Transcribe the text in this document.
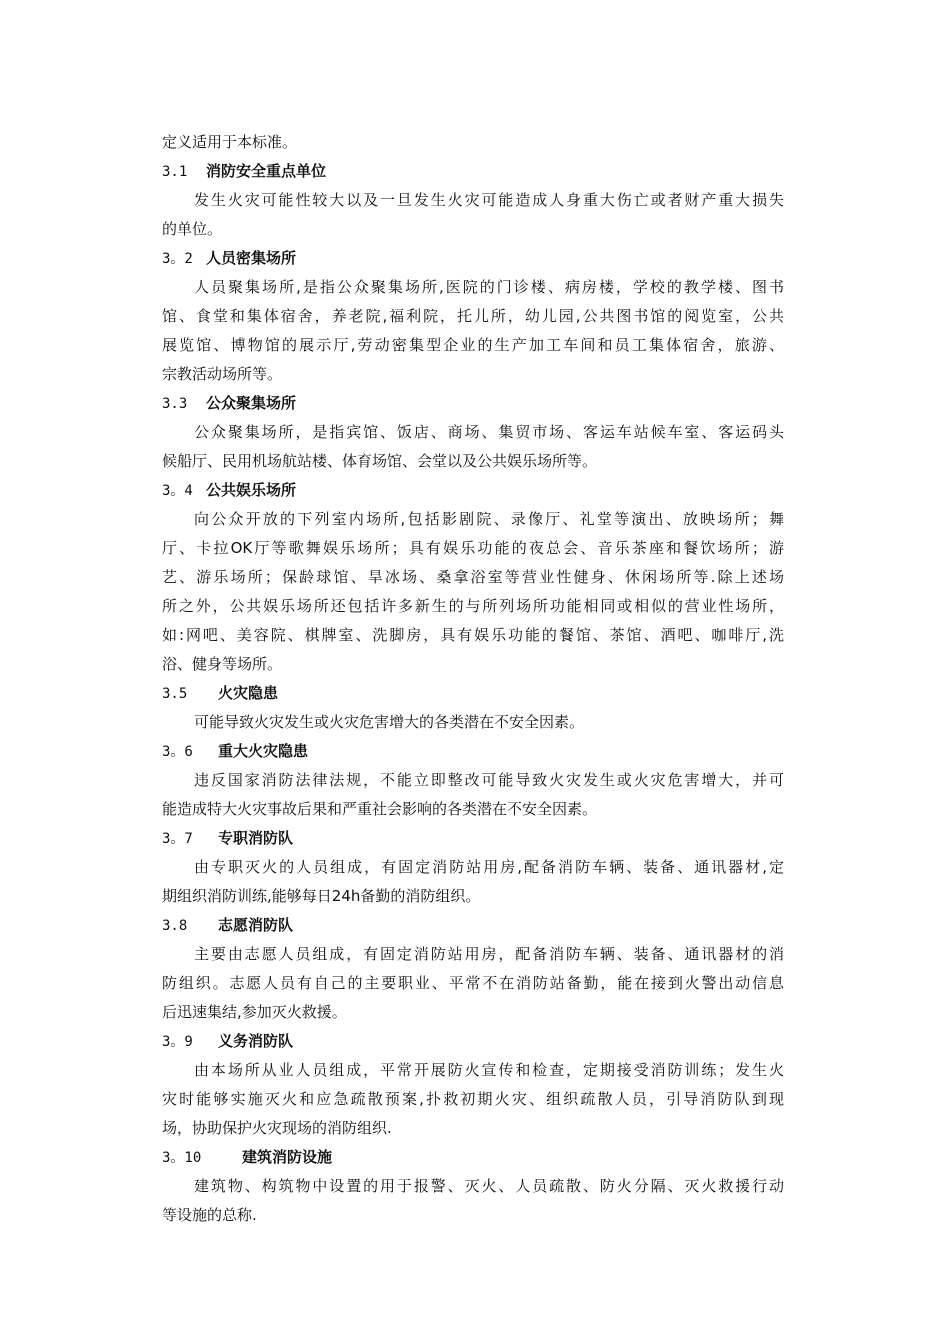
定义适用于本标准。
3.1 消防安全重点单位
发生火灾可能性较大以及一旦发生火灾可能造成人身重大伤亡或者财产重大损失
的单位。
3。2 人员密集场所
人员聚集场所,是指公众聚集场所,医院的门诊楼、病房楼，学校的教学楼、图书
馆、食堂和集体宿舍，养老院,福利院，托儿所，幼儿园,公共图书馆的阅览室，公共
展览馆、博物馆的展示厅,劳动密集型企业的生产加工车间和员工集体宿舍，旅游、
宗教活动场所等。
3.3 公众聚集场所
公众聚集场所，是指宾馆、饭店、商场、集贸市场、客运车站候车室、客运码头
候船厅、民用机场航站楼、体育场馆、会堂以及公共娱乐场所等。
3。4 公共娱乐场所
向公众开放的下列室内场所,包括影剧院、录像厅、礼堂等演出、放映场所；舞
厅、卡拉OK厅等歌舞娱乐场所；具有娱乐功能的夜总会、音乐茶座和餐饮场所；游
艺、游乐场所；保龄球馆、旱冰场、桑拿浴室等营业性健身、休闲场所等.除上述场
所之外，公共娱乐场所还包括许多新生的与所列场所功能相同或相似的营业性场所，
如:网吧、美容院、棋牌室、洗脚房，具有娱乐功能的餐馆、茶馆、酒吧、咖啡厅,洗
浴、健身等场所。
3.5 火灾隐患
可能导致火灾发生或火灾危害增大的各类潜在不安全因素。
3。6 重大火灾隐患
违反国家消防法律法规，不能立即整改可能导致火灾发生或火灾危害增大，并可
能造成特大火灾事故后果和严重社会影响的各类潜在不安全因素。
3。7 专职消防队
由专职灭火的人员组成，有固定消防站用房,配备消防车辆、装备、通讯器材,定
期组织消防训练,能够每日24h备勤的消防组织。
3.8 志愿消防队
主要由志愿人员组成，有固定消防站用房，配备消防车辆、装备、通讯器材的消
防组织。志愿人员有自己的主要职业、平常不在消防站备勤，能在接到火警出动信息
后迅速集结,参加灭火救援。
3。9 义务消防队
由本场所从业人员组成，平常开展防火宣传和检查，定期接受消防训练；发生火
灾时能够实施灭火和应急疏散预案,扑救初期火灾、组织疏散人员，引导消防队到现
场，协助保护火灾现场的消防组织.
3。10	建筑消防设施
建筑物、构筑物中设置的用于报警、灭火、人员疏散、防火分隔、灭火救援行动
等设施的总称.
